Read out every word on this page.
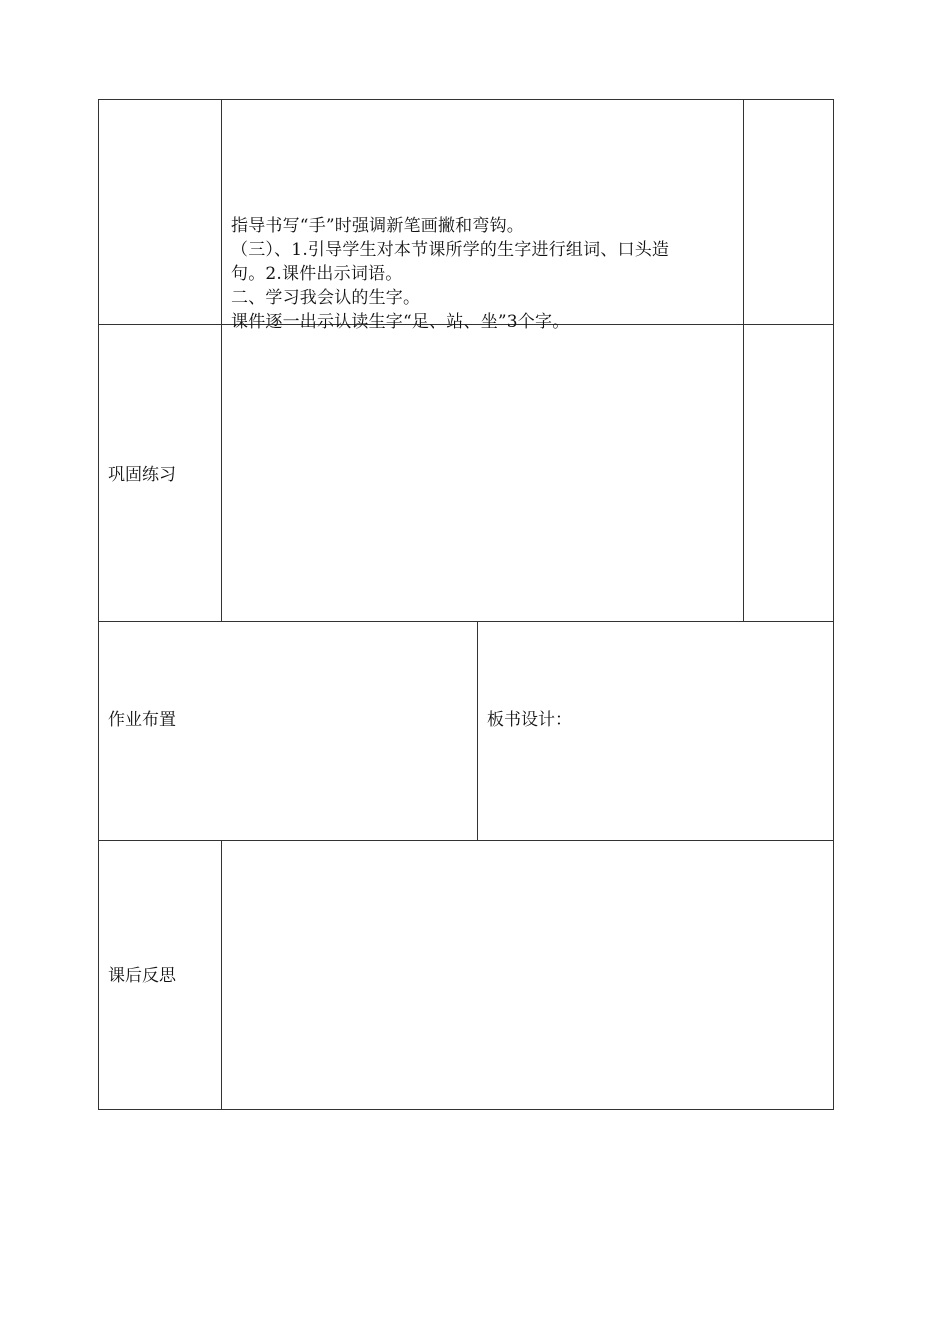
指导书写“手”时强调新笔画撇和弯钩。
（三）、1.引导学生对本节课所学的生字进行组词、口头造
句。2.课件出示词语。
二、学习我会认的生字。
课件逐一出示认读生字“足、站、坐”3个字。
巩固练习
作业布置	板书设计：
课后反思
